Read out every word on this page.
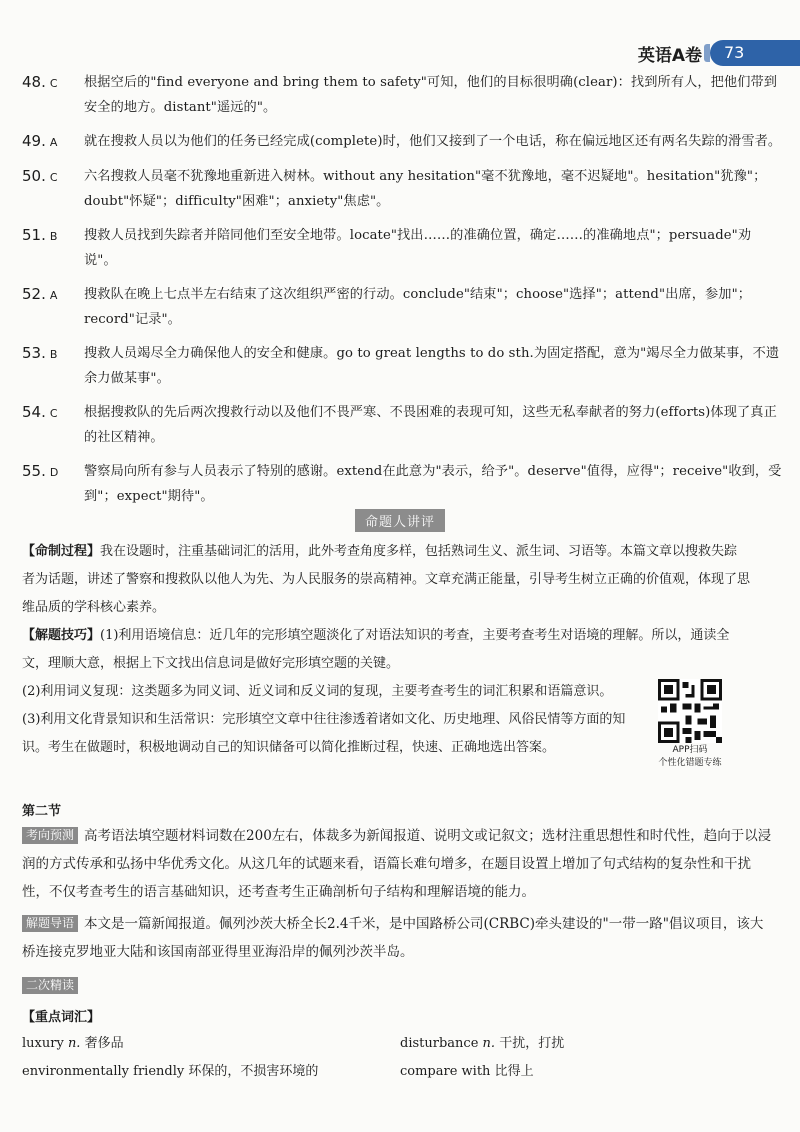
英语A卷	73
48. C	根据空后的"find everyone and bring them to safety"可知，他们的目标很明确(clear)：找到所有人，把他们带到安全的地方。distant"遥远的"。
49. A	就在搜救人员以为他们的任务已经完成(complete)时，他们又接到了一个电话，称在偏远地区还有两名失踪的滑雪者。
50. C	六名搜救人员毫不犹豫地重新进入树林。without any hesitation"毫不犹豫地，毫不迟疑地"。hesitation"犹豫"；doubt"怀疑"；difficulty"困难"；anxiety"焦虑"。
51. B	搜救人员找到失踪者并陪同他们至安全地带。locate"找出……的准确位置，确定……的准确地点"；persuade"劝说"。
52. A	搜救队在晚上七点半左右结束了这次组织严密的行动。conclude"结束"；choose"选择"；attend"出席，参加"；record"记录"。
53. B	搜救人员竭尽全力确保他人的安全和健康。go to great lengths to do sth.为固定搭配，意为"竭尽全力做某事，不遗余力做某事"。
54. C	根据搜救队的先后两次搜救行动以及他们不畏严寒、不畏困难的表现可知，这些无私奉献者的努力(efforts)体现了真正的社区精神。
55. D	警察局向所有参与人员表示了特别的感谢。extend在此意为"表示，给予"。deserve"值得，应得"；receive"收到，受到"；expect"期待"。
命题人讲评

【命制过程】我在设题时，注重基础词汇的活用，此外考查角度多样，包括熟词生义、派生词、习语等。本篇文章以搜救失踪者为话题，讲述了警察和搜救队以他人为先、为人民服务的崇高精神。文章充满正能量，引导考生树立正确的价值观，体现了思维品质的学科核心素养。

【解题技巧】(1)利用语境信息：近几年的完形填空题淡化了对语法知识的考查，主要考查考生对语境的理解。所以，通读全文，理顺大意，根据上下文找出信息词是做好完形填空题的关键。

(2)利用词义复现：这类题多为同义词、近义词和反义词的复现，主要考查考生的词汇积累和语篇意识。

(3)利用文化背景知识和生活常识：完形填空文章中往往渗透着诸如文化、历史地理、风俗民情等方面的知识。考生在做题时，积极地调动自己的知识储备可以简化推断过程，快速、正确地选出答案。	APP扫码
个性化错题专练
第二节
考向预测 高考语法填空题材料词数在200左右，体裁多为新闻报道、说明文或记叙文；选材注重思想性和时代性，趋向于以浸润的方式传承和弘扬中华优秀文化。从这几年的试题来看，语篇长难句增多，在题目设置上增加了句式结构的复杂性和干扰性，不仅考查考生的语言基础知识，还考查考生正确剖析句子结构和理解语境的能力。
解题导语 本文是一篇新闻报道。佩列沙茨大桥全长2.4千米，是中国路桥公司(CRBC)牵头建设的"一带一路"倡议项目，该大桥连接克罗地亚大陆和该国南部亚得里亚海沿岸的佩列沙茨半岛。
二次精读
【重点词汇】
luxury n. 奢侈品	disturbance n. 干扰，打扰
environmentally friendly 环保的，不损害环境的	compare with 比得上
